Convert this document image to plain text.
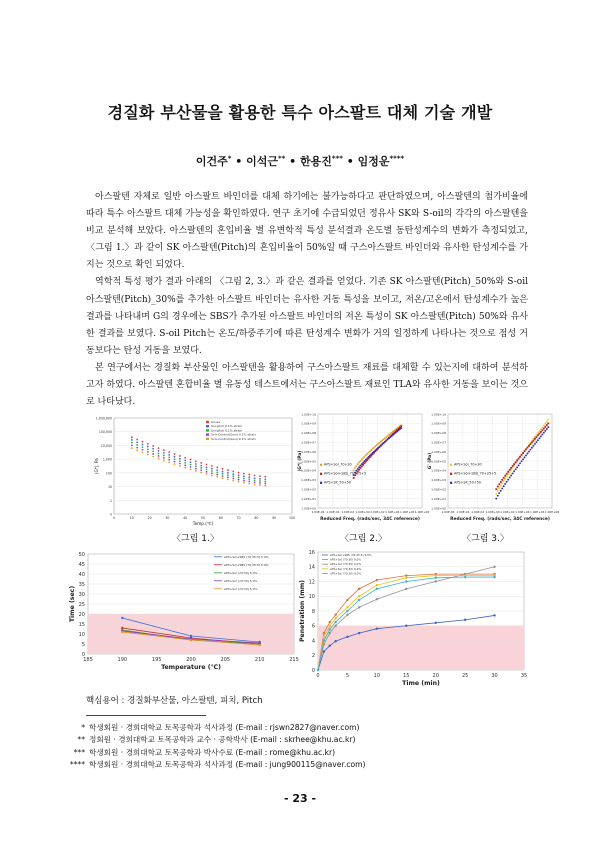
경질화 부산물을 활용한 특수 아스팔트 대체 기술 개발
이건주* • 이석근** • 한용진*** • 임정운****

아스팔텐 자체로 일반 아스팔트 바인더를 대체 하기에는 불가능하다고 판단하였으며, 아스팔텐의 첨가비율에 따라 특수 아스팔트 대체 가능성을 확인하였다. 연구 초기에 수급되었던 정유사 SK와 S-oil의 각각의 아스팔텐을 비교 분석해 보았다. 아스팔텐의 혼입비율 별 유변학적 특성 분석결과 온도별 동탄성계수의 변화가 측정되었고, 〈그림 1.〉과 같이 SK 아스팔텐(Pitch)의 혼입비율이 50%일 때 구스아스팔트 바인더와 유사한 탄성계수를 가지는 것으로 확인 되었다.

역학적 특성 평가 결과 아래의 〈그림 2, 3.〉과 같은 결과를 얻었다. 기존 SK 아스팔텐(Pitch)_50%와 S-oil 아스팔텐(Pitch)_30%를 추가한 아스팔트 바인더는 유사한 거동 특성을 보이고, 저온/고온에서 탄성계수가 높은 결과를 나타내며 G의 경우에는 SBS가 추가된 아스팔트 바인더의 저온 특성이 SK 아스팔텐(Pitch) 50%와 유사한 결과를 보였다. S-oil Pitch는 온도/하중주기에 따른 탄성계수 변화가 거의 일정하게 나타나는 것으로 점성 거동보다는 탄성 거동을 보였다.

본 연구에서는 경질화 부산물인 아스팔텐을 활용하여 구스아스팔트 재료를 대체할 수 있는지에 대하여 분석하고자 하였다. 아스팔텐 혼합비율 별 유동성 테스트에서는 구스아스팔트 재료인 TLA와 유사한 거동을 보이는 것으로 나타났다.

1,000,000
100,000
10,000
1,000
100
10
1
0
0	10	20	30	40	50	60	70	80	90	100
Temp.(℃)
|G*|, Pa
Gusss
Sol-pitch 0.1% strain
Sol-pitch 0.1% strain
Sol+Control(Gsol) 0.1% strain
Sol+Control(Gsol) 0.1% strain
〈그림 1.〉
1.00E+10
1.00E+09
1.00E+08
1.00E+07
1.00E+06
1.00E+05
1.00E+04
1.00E+03
1.00E+02
1.00E+01
1.00E+00
1.00E-06 1.00E-04 1.00E-02 1.00E+00 1.00E+02 1.00E+04 1.00E+06 1.00E+08
Reduced Freq. (rads/sec, 34C reference)
|G*| (Pa)	APS+Sol_70+30
APS+Sol+SBS_70+25+5
APS+SK_50+50
〈그림 2.〉
1.00E+10
1.00E+09
1.00E+08
1.00E+07
1.00E+06
1.00E+05
1.00E+04
1.00E+03
1.00E+02
1.00E+01
1.00E+00
1.00E-06 1.00E-04 1.00E-02 1.00E+00 1.00E+02 1.00E+04 1.00E+06 1.00E+08
Reduced Freq. (rads/sec, 34C reference)
G' (Pa)	APS+Sol_70+30
APS+Sol+SBS_70+25+5
APS+SK_50+50
〈그림 3.〉
0
5
10
15
20
25
30
35
40
45
50
185	190	195	200	205	210	215
Temperature (℃)
Time (sec)
APS+Sol+SBS (70:25:5) 5.0%
APS+Sol+SBS (70:25:5) 5.0%
APS+Sol (70:30) 5.0%
APS+Sol (70:30) 5.0%
APS+Sol (70:30) 5.0%
0
2
4
6
8
10
12
14
16
0	5	10	15	20	25	30	35
Time (min)
Penetration (mm)
APS+Sol+SBS (70:25:5) 9.0%
APS+Sol (70:30) 9.0%
APS+Sol (70:30) 9.0%
APS+Sol (70:30) 9.0%
APS+Sol (70:30) 9.0%
핵심용어 : 경질화부산물, 아스팔텐, 피치, Pitch
* 학생회원 · 경희대학교 토목공학과 석사과정 (E-mail : rjswn2827@naver.com)
** 정회원 · 경희대학교 토목공학과 교수 · 공학박사 (E-mail : skrhee@khu.ac.kr)
*** 학생회원 · 경희대학교 토목공학과 박사수료 (E-mail : rome@khu.ac.kr)
**** 학생회원 · 경희대학교 토목공학과 석사과정 (E-mail : jung900115@naver.com)
- 23 -
